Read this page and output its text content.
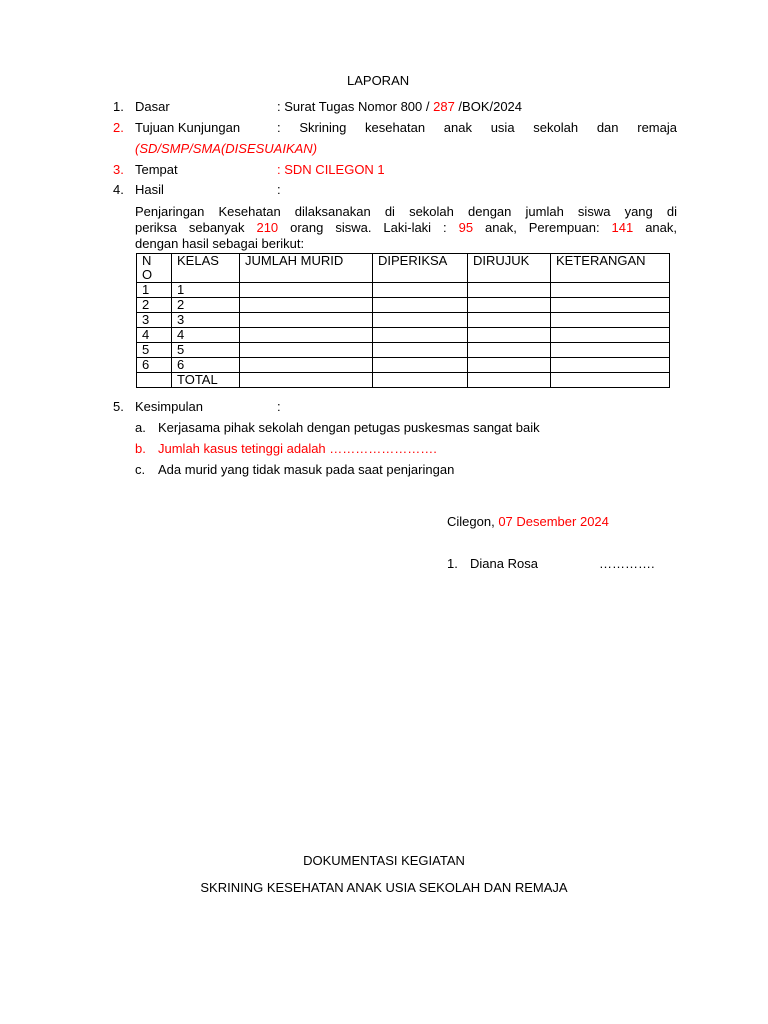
LAPORAN
1. Dasar	: Surat Tugas Nomor 800 / 287 /BOK/2024
2. Tujuan Kunjungan	: Skrining kesehatan anak usia sekolah dan remaja
(SD/SMP/SMA(DISESUAIKAN)
3. Tempat	: SDN CILEGON 1
4. Hasil	:
Penjaringan Kesehatan dilaksanakan di sekolah dengan jumlah siswa yang di
periksa sebanyak 210 orang siswa. Laki-laki : 95 anak, Perempuan: 141 anak,
dengan hasil sebagai berikut:
NO	KELAS	JUMLAH MURID	DIPERIKSA	DIRUJUK	KETERANGAN
1	1				
2	2				
3	3				
4	4				
5	5				
6	6				
	TOTAL				
5. Kesimpulan	:
a. Kerjasama pihak sekolah dengan petugas puskesmas sangat baik
b. Jumlah kasus tetinggi adalah …………………….
c. Ada murid yang tidak masuk pada saat penjaringan
Cilegon, 07 Desember 2024
1. Diana Rosa	………….
DOKUMENTASI KEGIATAN
SKRINING KESEHATAN ANAK USIA SEKOLAH DAN REMAJA
